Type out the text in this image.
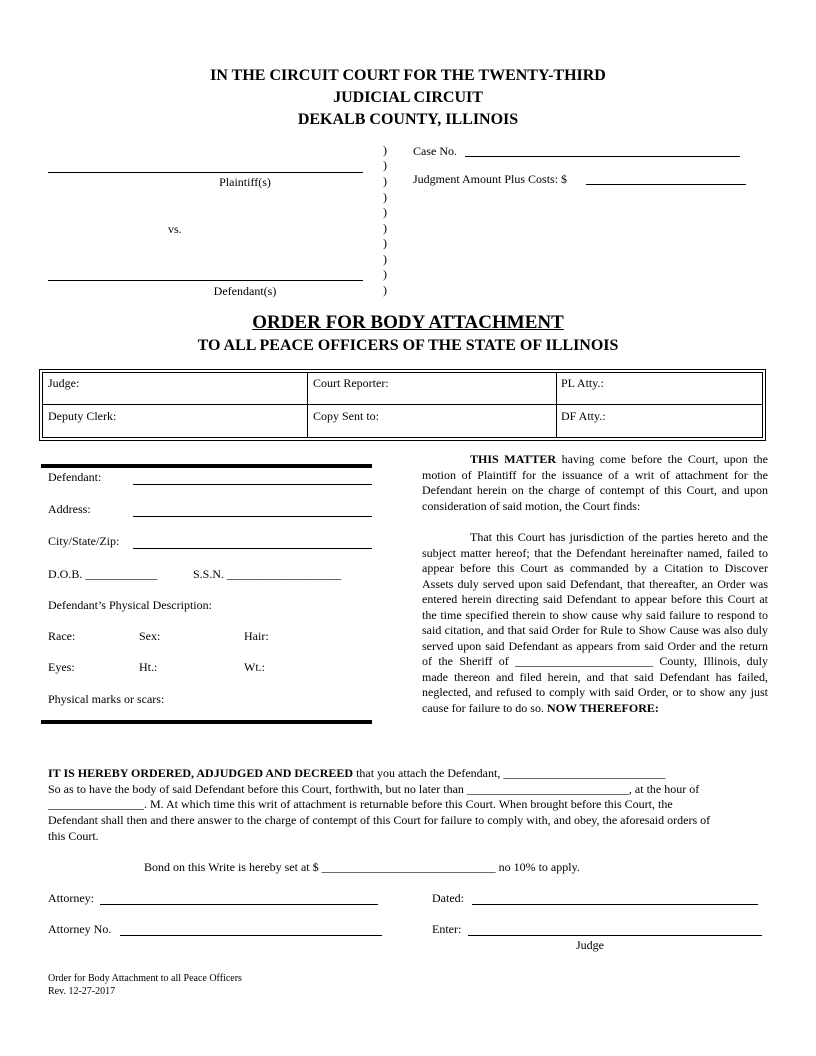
IN THE CIRCUIT COURT FOR THE TWENTY-THIRD
JUDICIAL CIRCUIT
DEKALB COUNTY, ILLINOIS
Plaintiff(s)
vs.
Defendant(s)
)
)
)
)
)
)
)
)
)
)
Case No.
Judgment Amount Plus Costs: $
ORDER FOR BODY ATTACHMENT
TO ALL PEACE OFFICERS OF THE STATE OF ILLINOIS
Judge:	Court Reporter:	PL Atty.:
Deputy Clerk:	Copy Sent to:	DF Atty.:
Defendant:
Address:
City/State/Zip:
D.O.B. ____________	S.S.N. ___________________
Defendant’s Physical Description:
Race:	Sex:	Hair:
Eyes:	Ht.:	Wt.:
Physical marks or scars:
THIS MATTER having come before the Court, upon the motion of Plaintiff for the issuance of a writ of attachment for the Defendant herein on the charge of contempt of this Court, and upon consideration of said motion, the Court finds:
That this Court has jurisdiction of the parties hereto and the subject matter hereof; that the Defendant hereinafter named, failed to appear before this Court as commanded by a Citation to Discover Assets duly served upon said Defendant, that thereafter, an Order was entered herein directing said Defendant to appear before this Court at the time specified therein to show cause why said failure to respond to said citation, and that said Order for Rule to Show Cause was also duly served upon said Defendant as appears from said Order and the return of the Sheriff of _______________________ County, Illinois, duly made thereon and filed herein, and that said Defendant has failed, neglected, and refused to comply with said Order, or to show any just cause for failure to do so. NOW THEREFORE:
IT IS HEREBY ORDERED, ADJUDGED AND DECREED that you attach the Defendant, ___________________________
So as to have the body of said Defendant before this Court, forthwith, but no later than ___________________________, at the hour of
________________. M. At which time this writ of attachment is returnable before this Court. When brought before this Court, the
Defendant shall then and there answer to the charge of contempt of this Court for failure to comply with, and obey, the aforesaid orders of
this Court.
Bond on this Write is hereby set at $ _____________________________ no 10% to apply.
Attorney:	Dated:
Attorney No.	Enter:
Judge
Order for Body Attachment to all Peace Officers
Rev. 12-27-2017
